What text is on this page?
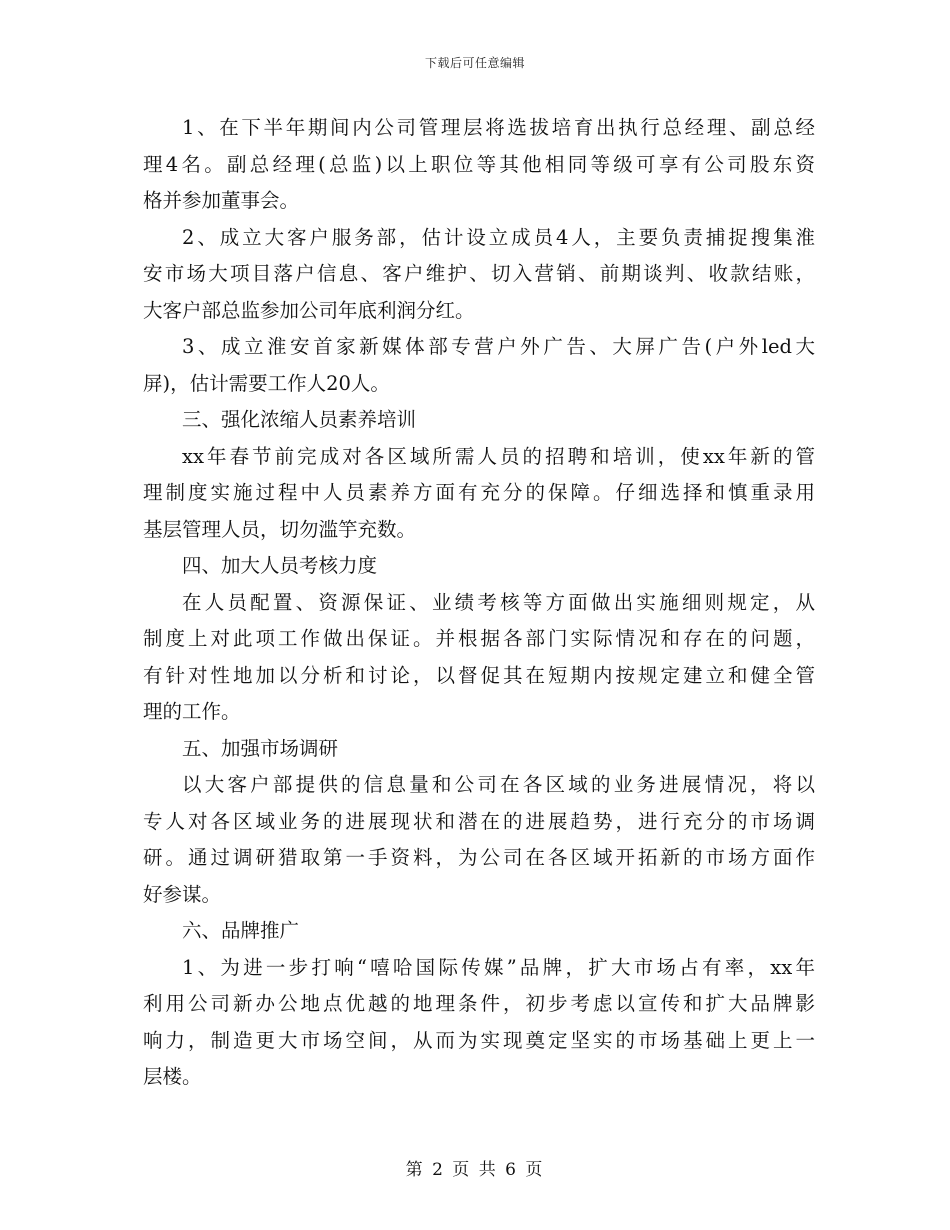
下载后可任意编辑
1、在下半年期间内公司管理层将选拔培育出执行总经理、副总经
理4名。副总经理(总监)以上职位等其他相同等级可享有公司股东资
格并参加董事会。
2、成立大客户服务部，估计设立成员4人，主要负责捕捉搜集淮
安市场大项目落户信息、客户维护、切入营销、前期谈判、收款结账，
大客户部总监参加公司年底利润分红。
3、成立淮安首家新媒体部专营户外广告、大屏广告(户外led大
屏)，估计需要工作人20人。
三、强化浓缩人员素养培训
xx年春节前完成对各区域所需人员的招聘和培训，使xx年新的管
理制度实施过程中人员素养方面有充分的保障。仔细选择和慎重录用
基层管理人员，切勿滥竽充数。
四、加大人员考核力度
在人员配置、资源保证、业绩考核等方面做出实施细则规定，从
制度上对此项工作做出保证。并根据各部门实际情况和存在的问题，
有针对性地加以分析和讨论，以督促其在短期内按规定建立和健全管
理的工作。
五、加强市场调研
以大客户部提供的信息量和公司在各区域的业务进展情况，将以
专人对各区域业务的进展现状和潜在的进展趋势，进行充分的市场调
研。通过调研猎取第一手资料，为公司在各区域开拓新的市场方面作
好参谋。
六、品牌推广
1、为进一步打响“嘻哈国际传媒”品牌，扩大市场占有率，xx年
利用公司新办公地点优越的地理条件，初步考虑以宣传和扩大品牌影
响力，制造更大市场空间，从而为实现奠定坚实的市场基础上更上一
层楼。
第 2 页 共 6 页
